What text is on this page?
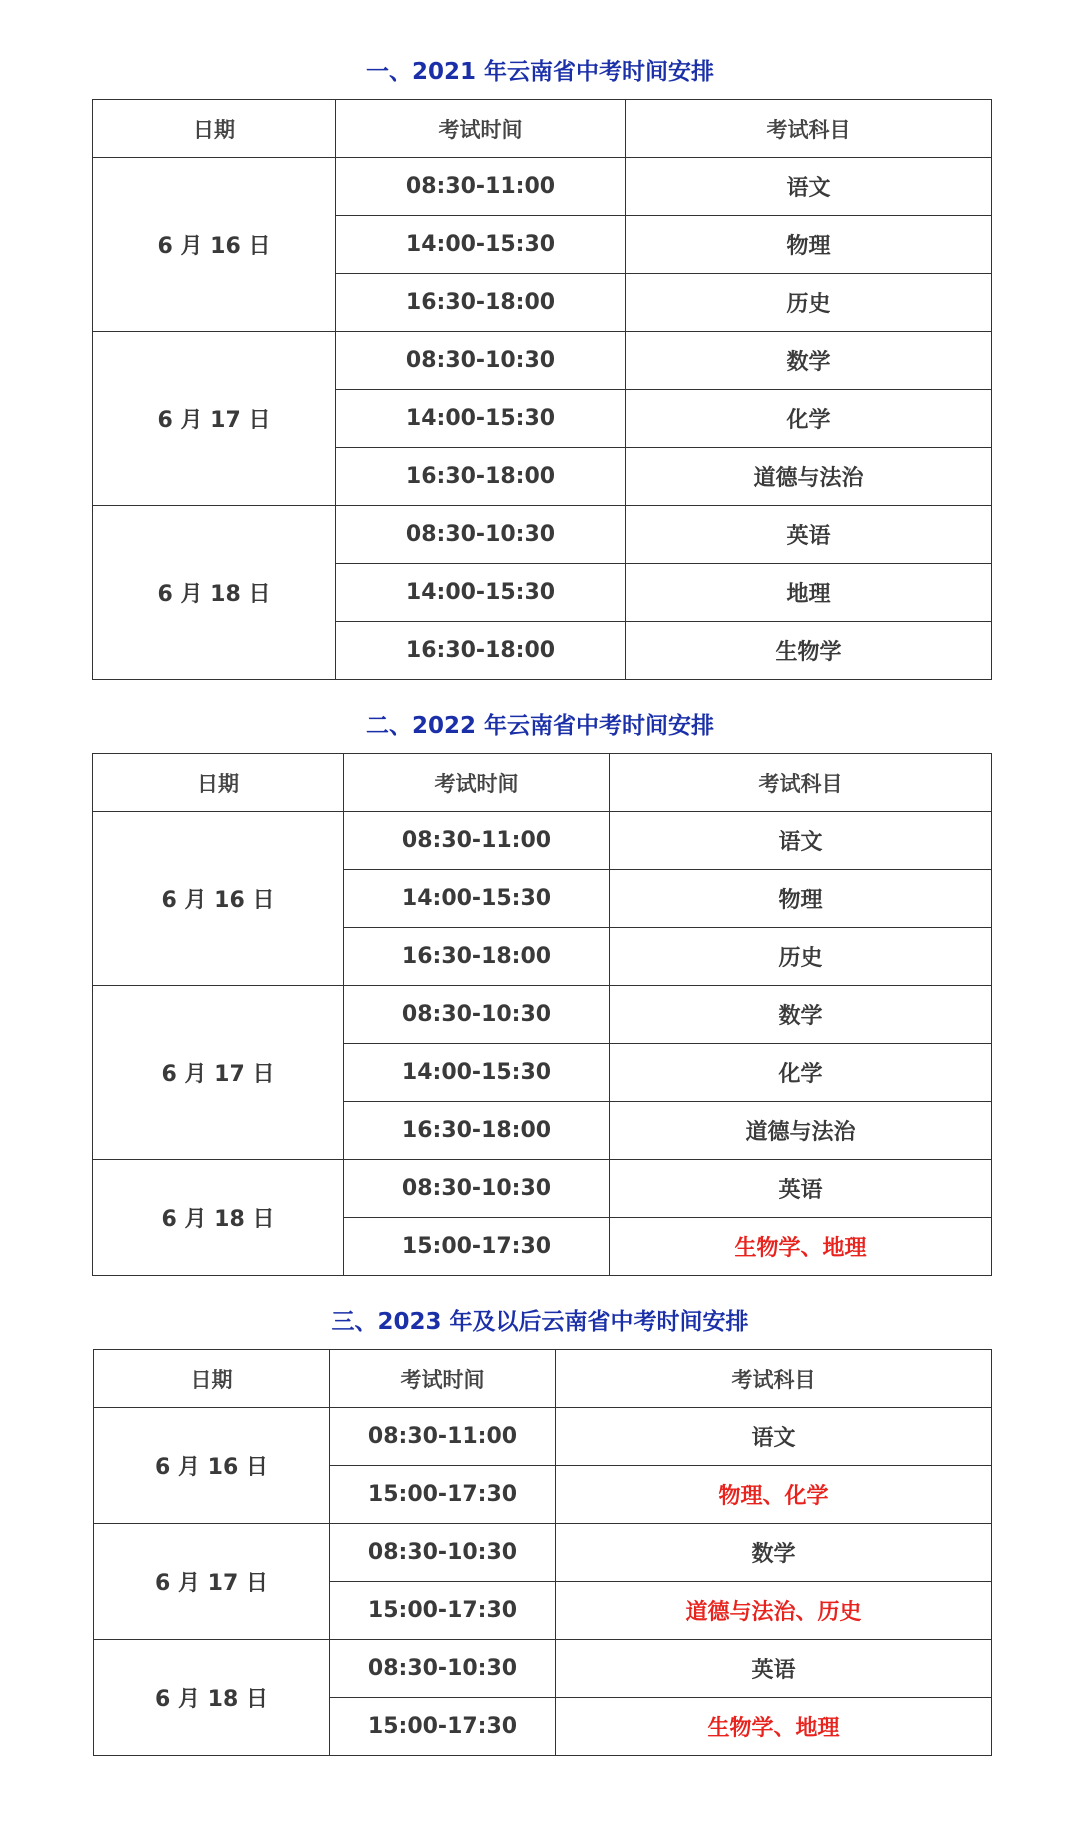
一、2021 年云南省中考时间安排
日期	考试时间	考试科目
6 月 16 日	08:30-11:00	语文
	14:00-15:30	物理
	16:30-18:00	历史
6 月 17 日	08:30-10:30	数学
	14:00-15:30	化学
	16:30-18:00	道德与法治
6 月 18 日	08:30-10:30	英语
	14:00-15:30	地理
	16:30-18:00	生物学
二、2022 年云南省中考时间安排
日期	考试时间	考试科目
6 月 16 日	08:30-11:00	语文
	14:00-15:30	物理
	16:30-18:00	历史
6 月 17 日	08:30-10:30	数学
	14:00-15:30	化学
	16:30-18:00	道德与法治
6 月 18 日	08:30-10:30	英语
	15:00-17:30	生物学、地理
三、2023 年及以后云南省中考时间安排
日期	考试时间	考试科目
6 月 16 日	08:30-11:00	语文
	15:00-17:30	物理、化学
6 月 17 日	08:30-10:30	数学
	15:00-17:30	道德与法治、历史
6 月 18 日	08:30-10:30	英语
	15:00-17:30	生物学、地理
